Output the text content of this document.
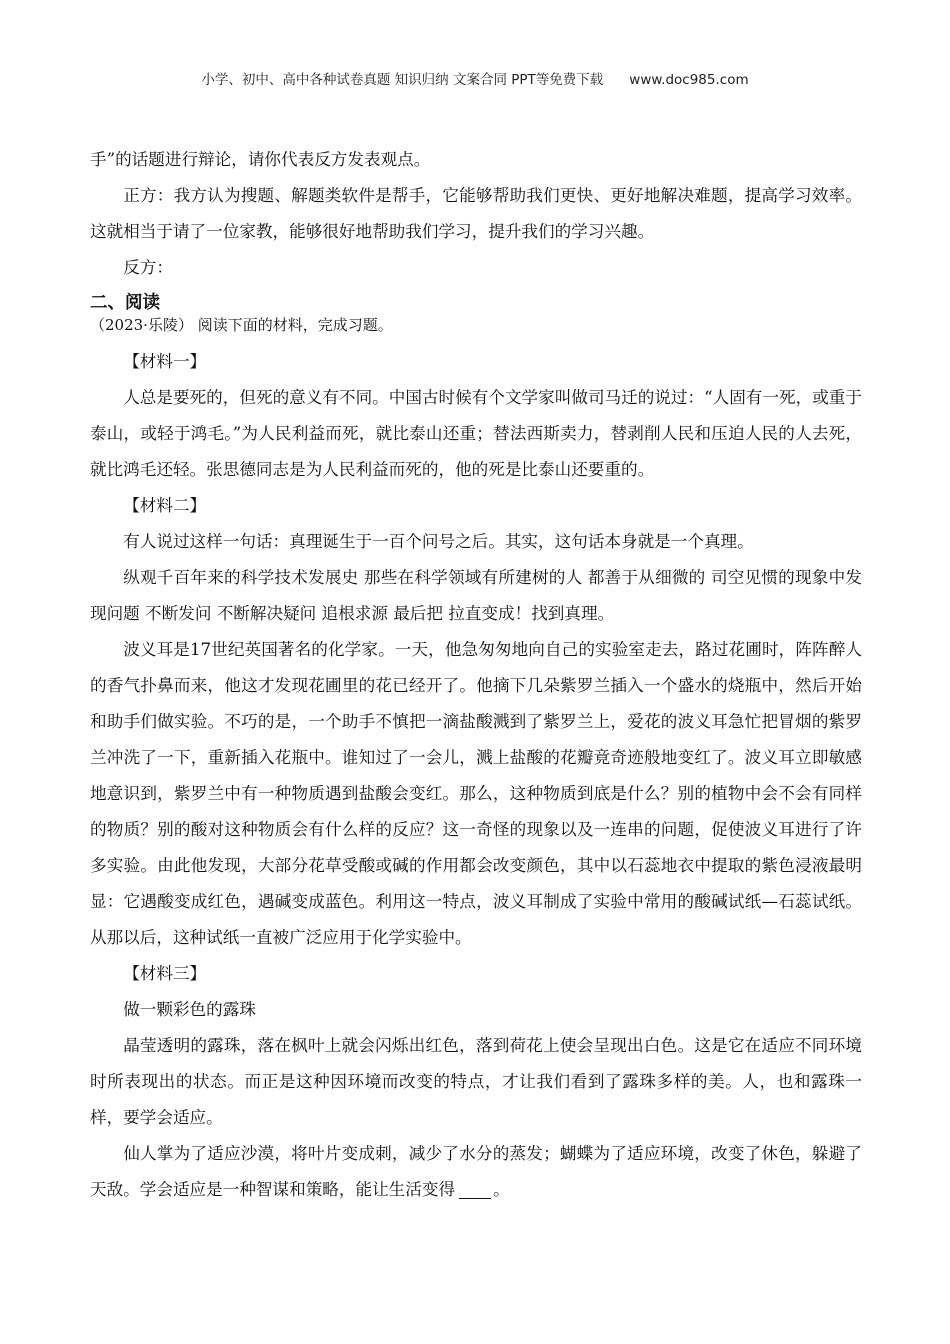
小学、初中、高中各种试卷真题 知识归纳 文案合同 PPT等免费下载 www.doc985.com

手”的话题进行辩论，请你代表反方发表观点。

正方：我方认为搜题、解题类软件是帮手，它能够帮助我们更快、更好地解决难题，提高学习效率。这就相当于请了一位家教，能够很好地帮助我们学习，提升我们的学习兴趣。

反方：

二、阅读
（2023·乐陵） 阅读下面的材料，完成习题。

【材料一】

人总是要死的，但死的意义有不同。中国古时候有个文学家叫做司马迁的说过：“人固有一死，或重于泰山，或轻于鸿毛。”为人民利益而死，就比泰山还重；替法西斯卖力，替剥削人民和压迫人民的人去死，就比鸿毛还轻。张思德同志是为人民利益而死的，他的死是比泰山还要重的。

【材料二】

有人说过这样一句话：真理诞生于一百个问号之后。其实，这句话本身就是一个真理。

纵观千百年来的科学技术发展史 那些在科学领域有所建树的人 都善于从细微的 司空见惯的现象中发现问题 不断发问 不断解决疑问 追根求源 最后把 拉直变成！找到真理。

波义耳是17世纪英国著名的化学家。一天，他急匆匆地向自己的实验室走去，路过花圃时，阵阵醉人的香气扑鼻而来，他这才发现花圃里的花已经开了。他摘下几朵紫罗兰插入一个盛水的烧瓶中，然后开始和助手们做实验。不巧的是，一个助手不慎把一滴盐酸溅到了紫罗兰上，爱花的波义耳急忙把冒烟的紫罗兰冲洗了一下，重新插入花瓶中。谁知过了一会儿，溅上盐酸的花瓣竟奇迹般地变红了。波义耳立即敏感地意识到，紫罗兰中有一种物质遇到盐酸会变红。那么，这种物质到底是什么？别的植物中会不会有同样的物质？别的酸对这种物质会有什么样的反应？这一奇怪的现象以及一连串的问题，促使波义耳进行了许多实验。由此他发现，大部分花草受酸或碱的作用都会改变颜色，其中以石蕊地衣中提取的紫色浸液最明显：它遇酸变成红色，遇碱变成蓝色。利用这一特点，波义耳制成了实验中常用的酸碱试纸—石蕊试纸。从那以后，这种试纸一直被广泛应用于化学实验中。

【材料三】

做一颗彩色的露珠

晶莹透明的露珠，落在枫叶上就会闪烁出红色，落到荷花上使会呈现出白色。这是它在适应不同环境时所表现出的状态。而正是这种因环境而改变的特点，才让我们看到了露珠多样的美。人，也和露珠一样，要学会适应。

仙人掌为了适应沙漠，将叶片变成刺，减少了水分的蒸发；蝴蝶为了适应环境，改变了休色，躲避了天敌。学会适应是一种智谋和策略，能让生活变得 。
